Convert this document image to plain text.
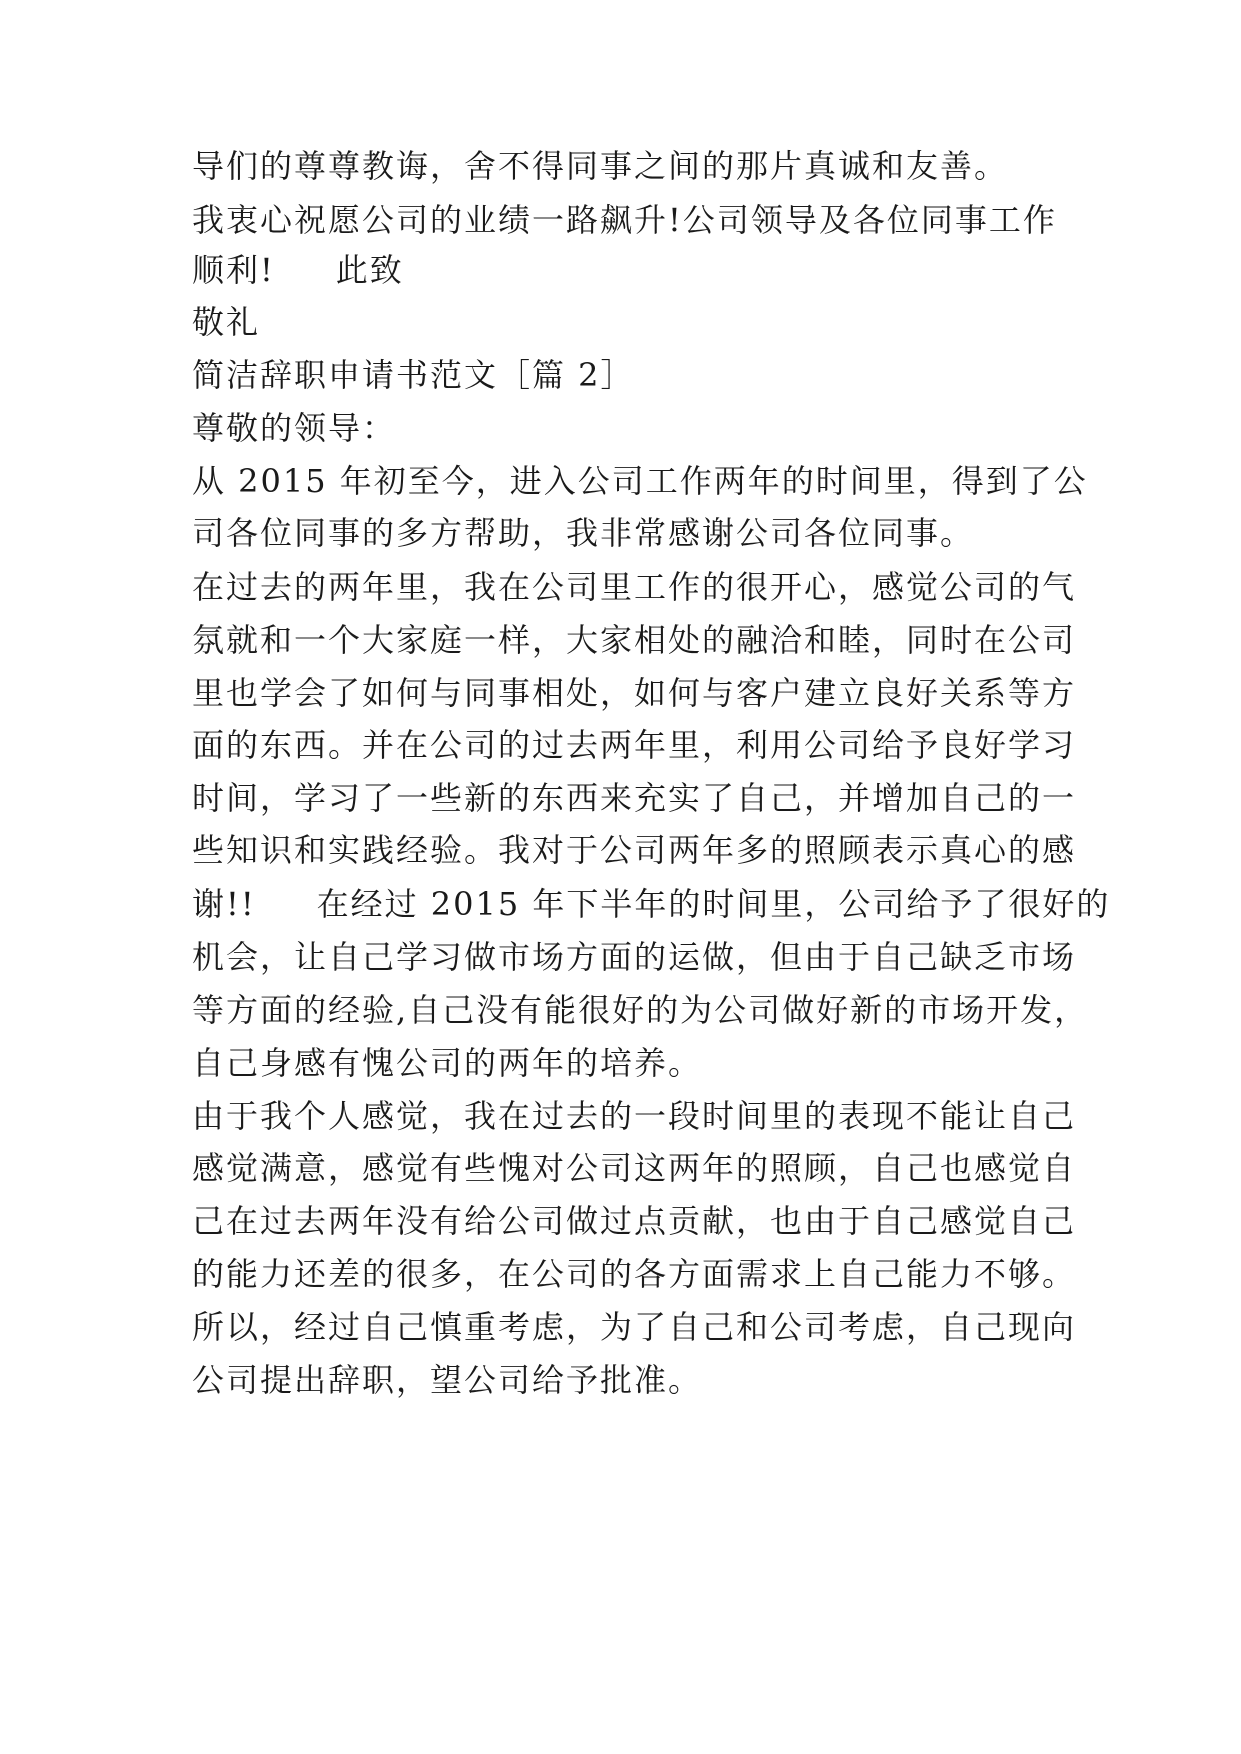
导们的尊尊教诲，舍不得同事之间的那片真诚和友善。
我衷心祝愿公司的业绩一路飙升!公司领导及各位同事工作
顺利!     此致
敬礼
简洁辞职申请书范文［篇 2］
尊敬的领导：
从 2015 年初至今，进入公司工作两年的时间里，得到了公
司各位同事的多方帮助，我非常感谢公司各位同事。
在过去的两年里，我在公司里工作的很开心，感觉公司的气
氛就和一个大家庭一样，大家相处的融洽和睦，同时在公司
里也学会了如何与同事相处，如何与客户建立良好关系等方
面的东西。并在公司的过去两年里，利用公司给予良好学习
时间，学习了一些新的东西来充实了自己，并增加自己的一
些知识和实践经验。我对于公司两年多的照顾表示真心的感
谢!!     在经过 2015 年下半年的时间里，公司给予了很好的
机会，让自己学习做市场方面的运做，但由于自己缺乏市场
等方面的经验,自己没有能很好的为公司做好新的市场开发，
自己身感有愧公司的两年的培养。
由于我个人感觉，我在过去的一段时间里的表现不能让自己
感觉满意，感觉有些愧对公司这两年的照顾，自己也感觉自
己在过去两年没有给公司做过点贡献，也由于自己感觉自己
的能力还差的很多，在公司的各方面需求上自己能力不够。
所以，经过自己慎重考虑，为了自己和公司考虑，自己现向
公司提出辞职，望公司给予批准。
